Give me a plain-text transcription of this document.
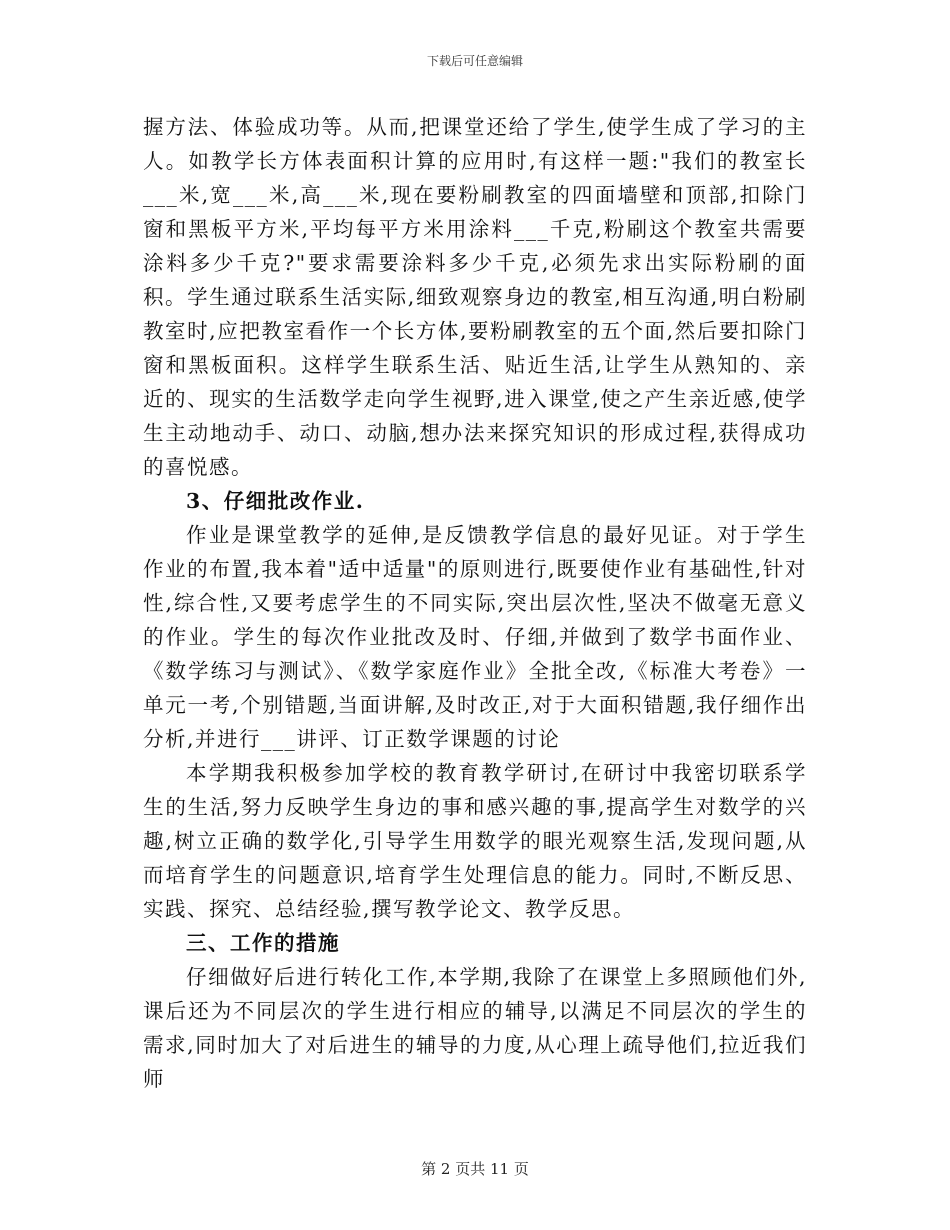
下载后可任意编辑

握方法、体验成功等。从而,把课堂还给了学生,使学生成了学习的主人。如教学长方体表面积计算的应用时,有这样一题:"我们的教室长___米,宽___米,高___米,现在要粉刷教室的四面墙壁和顶部,扣除门窗和黑板平方米,平均每平方米用涂料___千克,粉刷这个教室共需要涂料多少千克?"要求需要涂料多少千克,必须先求出实际粉刷的面积。学生通过联系生活实际,细致观察身边的教室,相互沟通,明白粉刷教室时,应把教室看作一个长方体,要粉刷教室的五个面,然后要扣除门窗和黑板面积。这样学生联系生活、贴近生活,让学生从熟知的、亲近的、现实的生活数学走向学生视野,进入课堂,使之产生亲近感,使学生主动地动手、动口、动脑,想办法来探究知识的形成过程,获得成功的喜悦感。

3、仔细批改作业.

作业是课堂教学的延伸,是反馈教学信息的最好见证。对于学生作业的布置,我本着"适中适量"的原则进行,既要使作业有基础性,针对性,综合性,又要考虑学生的不同实际,突出层次性,坚决不做毫无意义的作业。学生的每次作业批改及时、仔细,并做到了数学书面作业、《数学练习与测试》、《数学家庭作业》全批全改,《标准大考卷》一单元一考,个别错题,当面讲解,及时改正,对于大面积错题,我仔细作出分析,并进行___讲评、订正数学课题的讨论

本学期我积极参加学校的教育教学研讨,在研讨中我密切联系学生的生活,努力反映学生身边的事和感兴趣的事,提高学生对数学的兴趣,树立正确的数学化,引导学生用数学的眼光观察生活,发现问题,从而培育学生的问题意识,培育学生处理信息的能力。同时,不断反思、实践、探究、总结经验,撰写教学论文、教学反思。

三、工作的措施

仔细做好后进行转化工作,本学期,我除了在课堂上多照顾他们外,课后还为不同层次的学生进行相应的辅导,以满足不同层次的学生的需求,同时加大了对后进生的辅导的力度,从心理上疏导他们,拉近我们师

第 2 页共 11 页
